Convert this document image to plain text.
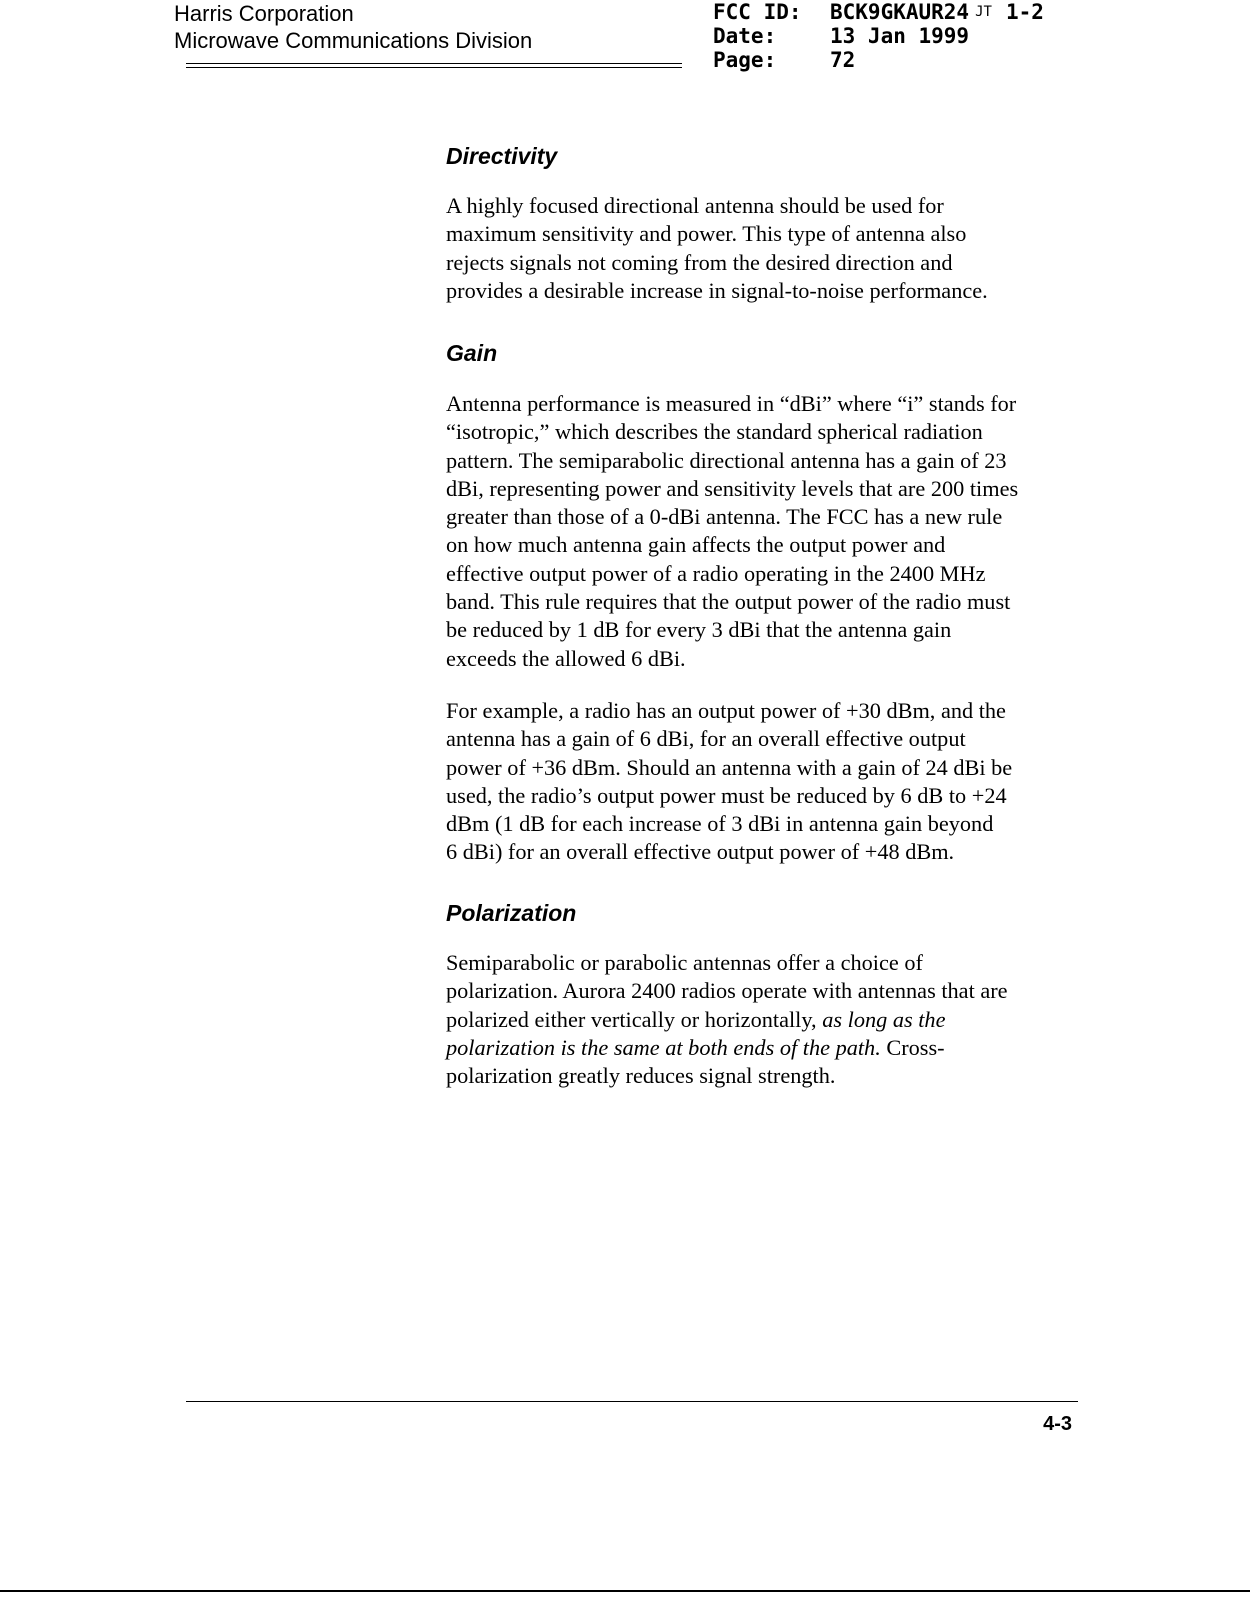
Harris Corporation
Microwave Communications Division
FCC ID:	BCK9GKAUR24 JT 1-2
Date:	13 Jan 1999
Page:	72
Directivity
A highly focused directional antenna should be used for
maximum sensitivity and power. This type of antenna also
rejects signals not coming from the desired direction and
provides a desirable increase in signal-to-noise performance.
Gain
Antenna performance is measured in “dBi” where “i” stands for
“isotropic,” which describes the standard spherical radiation
pattern. The semiparabolic directional antenna has a gain of 23
dBi, representing power and sensitivity levels that are 200 times
greater than those of a 0-dBi antenna. The FCC has a new rule
on how much antenna gain affects the output power and
effective output power of a radio operating in the 2400 MHz
band. This rule requires that the output power of the radio must
be reduced by 1 dB for every 3 dBi that the antenna gain
exceeds the allowed 6 dBi.
For example, a radio has an output power of +30 dBm, and the
antenna has a gain of 6 dBi, for an overall effective output
power of +36 dBm. Should an antenna with a gain of 24 dBi be
used, the radio’s output power must be reduced by 6 dB to +24
dBm (1 dB for each increase of 3 dBi in antenna gain beyond
6 dBi) for an overall effective output power of +48 dBm.
Polarization
Semiparabolic or parabolic antennas offer a choice of
polarization. Aurora 2400 radios operate with antennas that are
polarized either vertically or horizontally, as long as the
polarization is the same at both ends of the path. Cross-
polarization greatly reduces signal strength.
4-3
